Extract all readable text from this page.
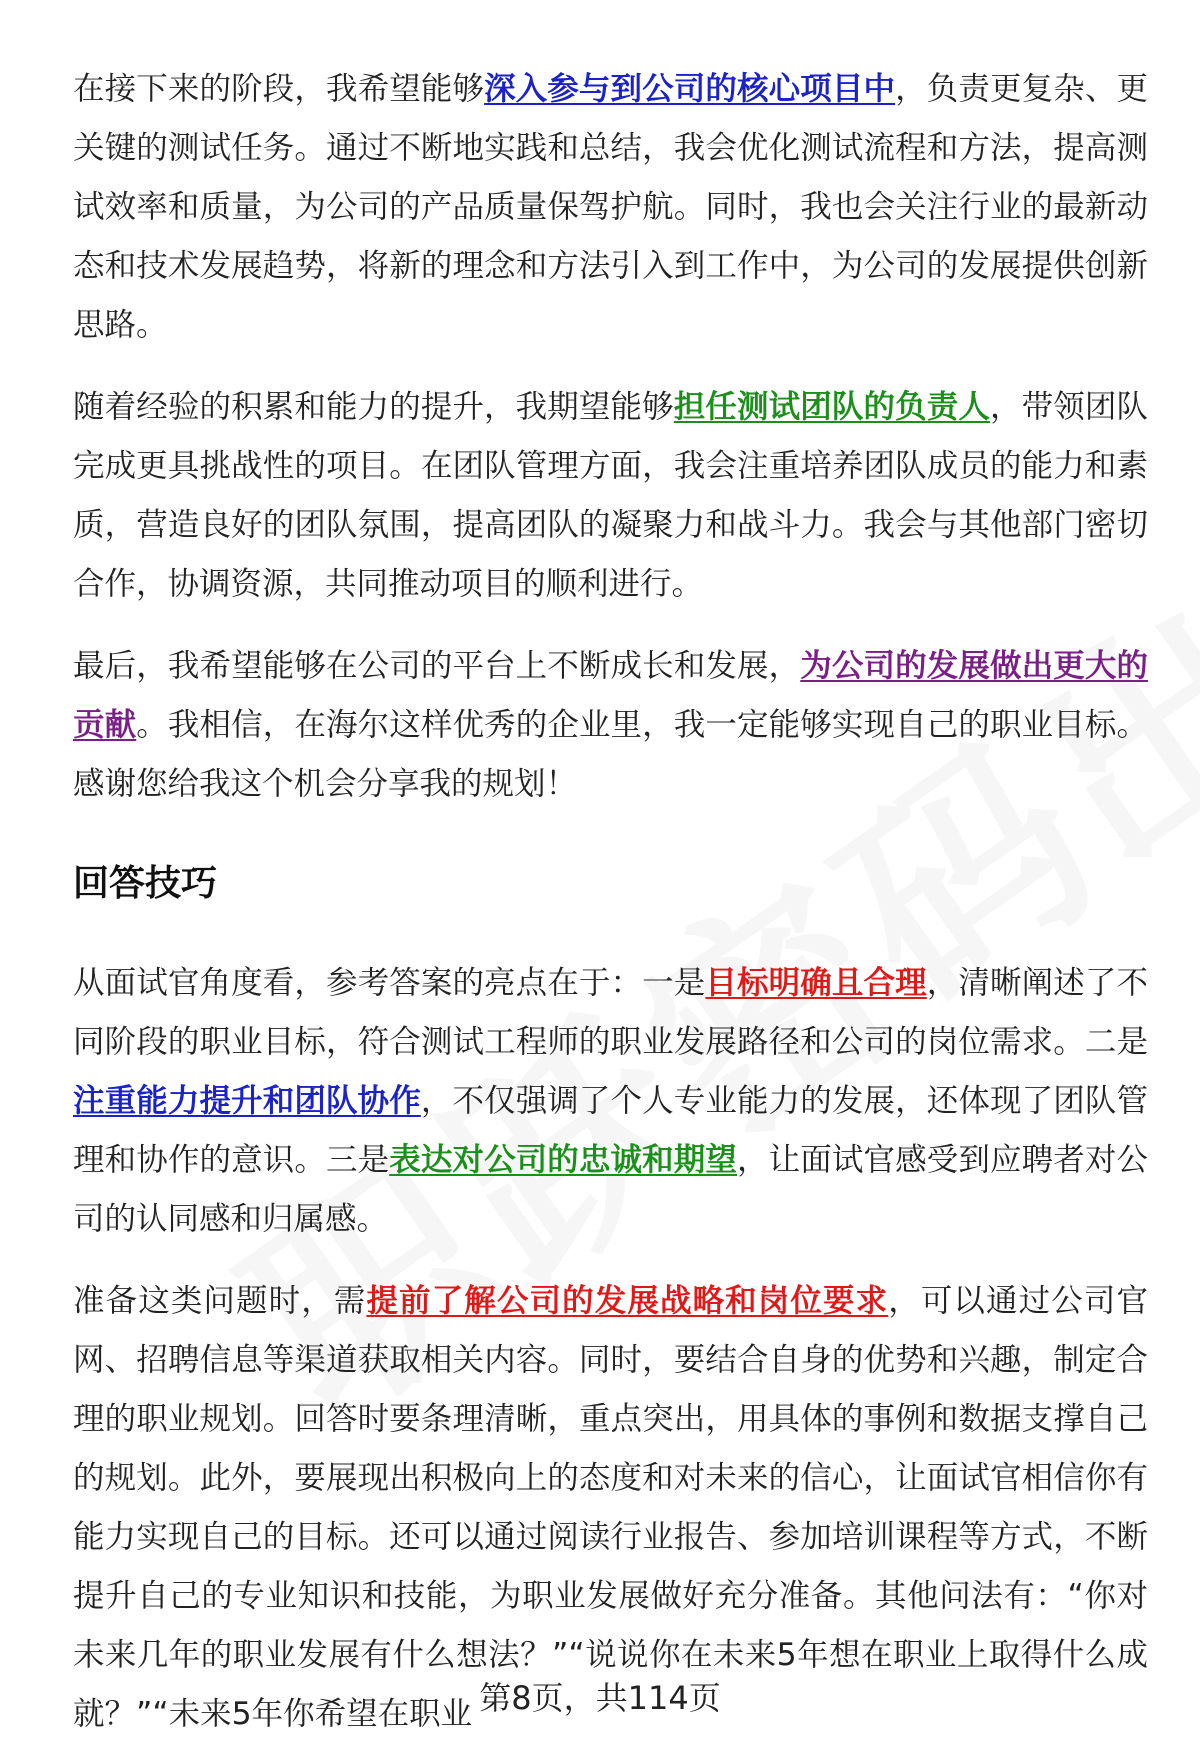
在接下来的阶段，我希望能够深入参与到公司的核心项目中，负责更复杂、更关键的测试任务。通过不断地实践和总结，我会优化测试流程和方法，提高测试效率和质量，为公司的产品质量保驾护航。同时，我也会关注行业的最新动态和技术发展趋势，将新的理念和方法引入到工作中，为公司的发展提供创新思路。

随着经验的积累和能力的提升，我期望能够担任测试团队的负责人，带领团队完成更具挑战性的项目。在团队管理方面，我会注重培养团队成员的能力和素质，营造良好的团队氛围，提高团队的凝聚力和战斗力。我会与其他部门密切合作，协调资源，共同推动项目的顺利进行。

最后，我希望能够在公司的平台上不断成长和发展，为公司的发展做出更大的贡献。我相信，在海尔这样优秀的企业里，我一定能够实现自己的职业目标。感谢您给我这个机会分享我的规划！

回答技巧

从面试官角度看，参考答案的亮点在于：一是目标明确且合理，清晰阐述了不同阶段的职业目标，符合测试工程师的职业发展路径和公司的岗位需求。二是注重能力提升和团队协作，不仅强调了个人专业能力的发展，还体现了团队管理和协作的意识。三是表达对公司的忠诚和期望，让面试官感受到应聘者对公司的认同感和归属感。

准备这类问题时，需提前了解公司的发展战略和岗位要求，可以通过公司官网、招聘信息等渠道获取相关内容。同时，要结合自身的优势和兴趣，制定合理的职业规划。回答时要条理清晰，重点突出，用具体的事例和数据支撑自己的规划。此外，要展现出积极向上的态度和对未来的信心，让面试官相信你有能力实现自己的目标。还可以通过阅读行业报告、参加培训课程等方式，不断提升自己的专业知识和技能，为职业发展做好充分准备。其他问法有：“你对未来几年的职业发展有什么想法？”“说说你在未来5年想在职业上取得什么成就？”“未来5年你希望在职业 第8页，共114页
